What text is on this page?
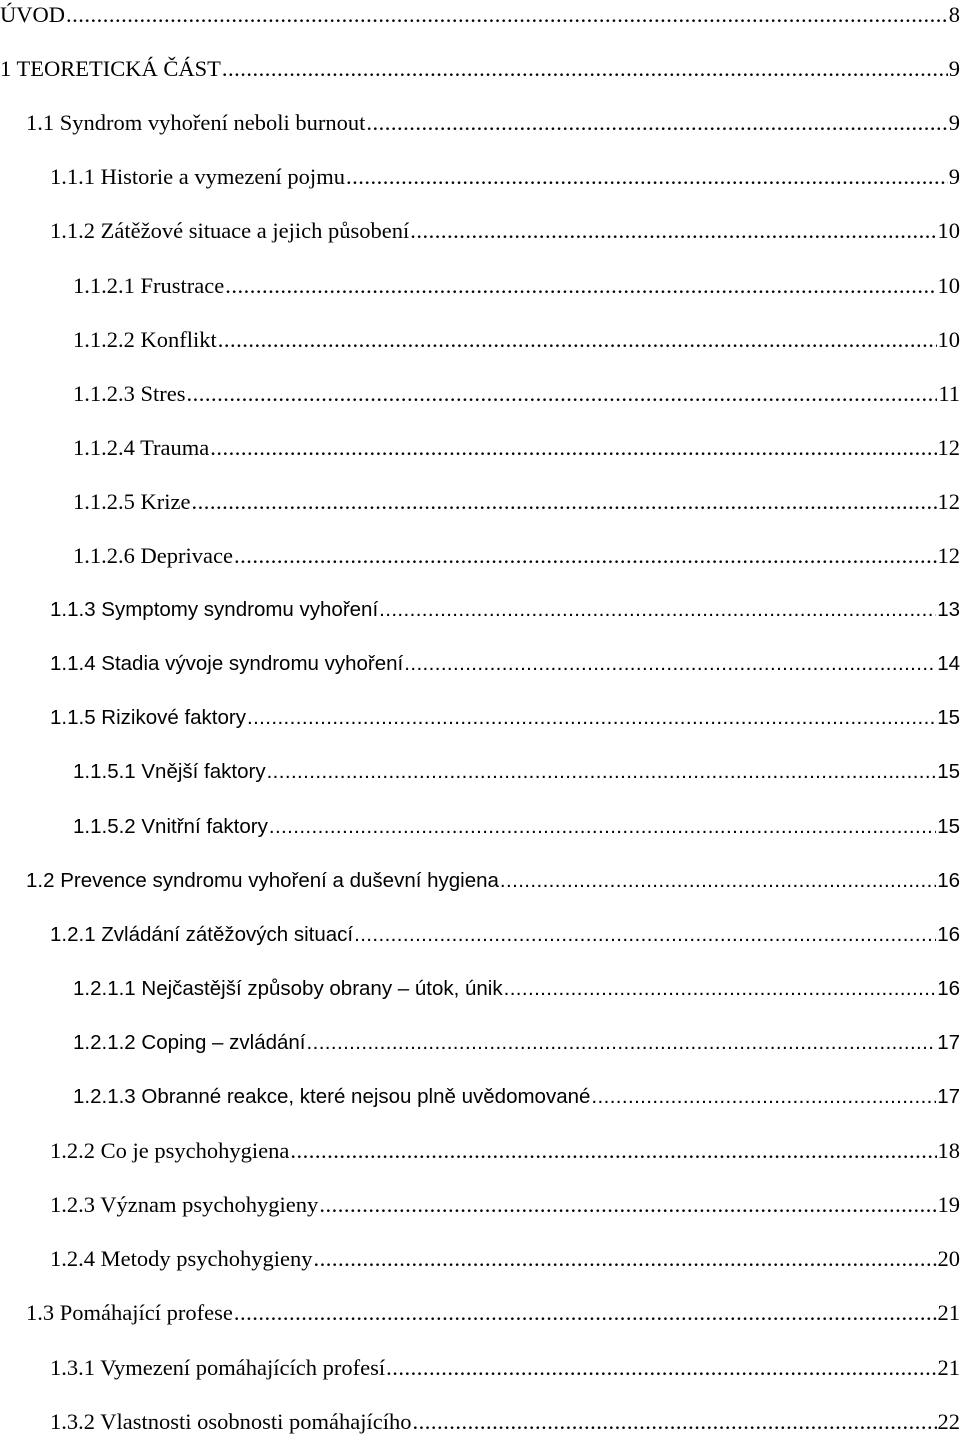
ÚVOD .....	8
1 TEORETICKÁ ČÁST .....	9
1.1 Syndrom vyhoření neboli burnout .....	9
1.1.1 Historie a vymezení pojmu .....	9
1.1.2 Zátěžové situace a jejich působení .....	10
1.1.2.1 Frustrace .....	10
1.1.2.2 Konflikt .....	10
1.1.2.3 Stres .....	11
1.1.2.4 Trauma .....	12
1.1.2.5 Krize .....	12
1.1.2.6 Deprivace .....	12
1.1.3 Symptomy syndromu vyhoření .....	13
1.1.4 Stadia vývoje syndromu vyhoření .....	14
1.1.5 Rizikové faktory .....	15
1.1.5.1 Vnější faktory .....	15
1.1.5.2 Vnitřní faktory .....	15
1.2 Prevence syndromu vyhoření a duševní hygiena .....	16
1.2.1 Zvládání zátěžových situací .....	16
1.2.1.1 Nejčastější způsoby obrany – útok, únik .....	16
1.2.1.2 Coping – zvládání .....	17
1.2.1.3 Obranné reakce, které nejsou plně uvědomované .....	17
1.2.2 Co je psychohygiena .....	18
1.2.3 Význam psychohygieny .....	19
1.2.4 Metody psychohygieny .....	20
1.3 Pomáhající profese .....	21
1.3.1 Vymezení pomáhajících profesí .....	21
1.3.2 Vlastnosti osobnosti pomáhajícího .....	22
